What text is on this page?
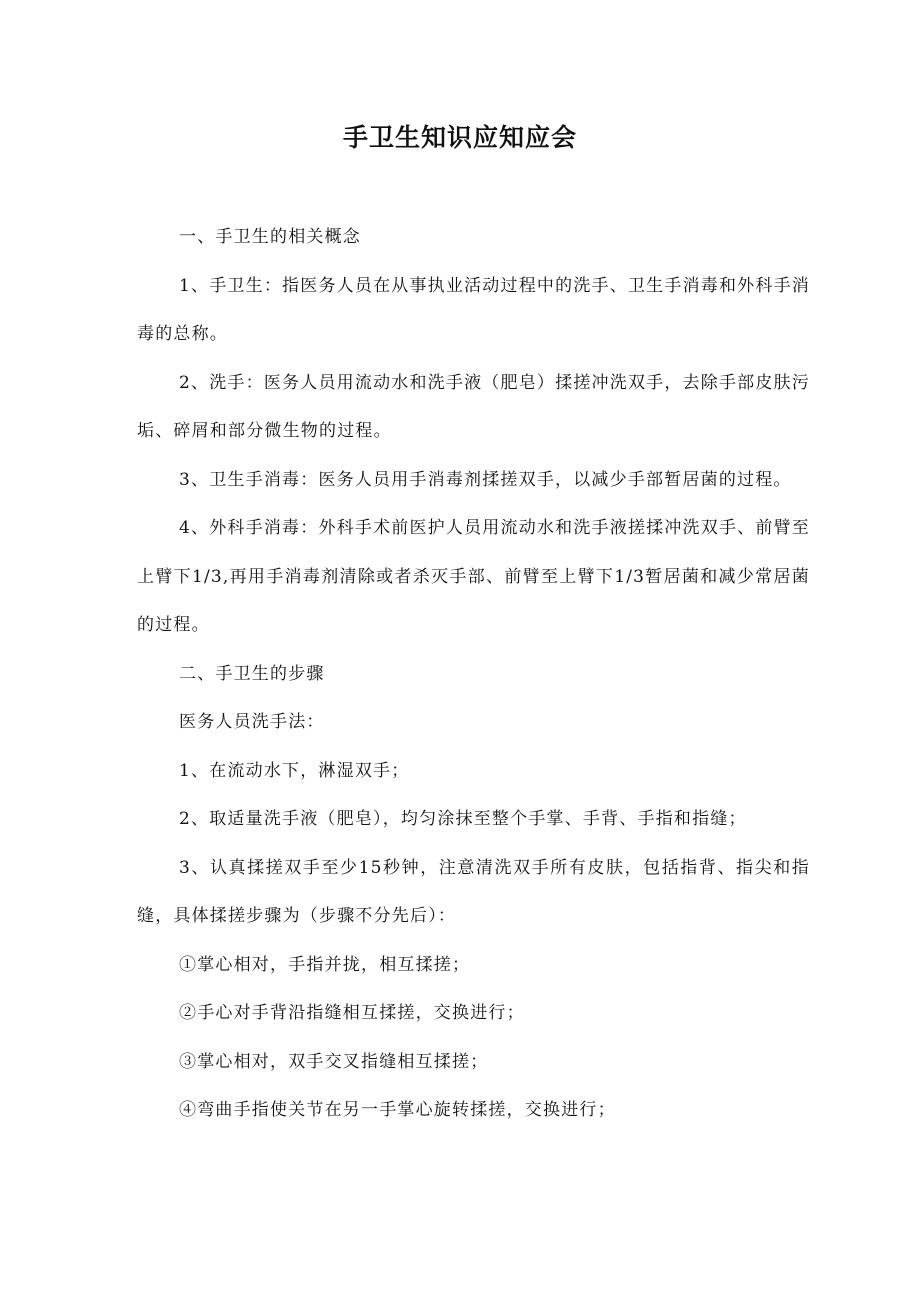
手卫生知识应知应会

一、手卫生的相关概念

1、手卫生：指医务人员在从事执业活动过程中的洗手、卫生手消毒和外科手消毒的总称。

2、洗手：医务人员用流动水和洗手液（肥皂）揉搓冲洗双手，去除手部皮肤污垢、碎屑和部分微生物的过程。

3、卫生手消毒：医务人员用手消毒剂揉搓双手，以减少手部暂居菌的过程。

4、外科手消毒：外科手术前医护人员用流动水和洗手液搓揉冲洗双手、前臂至上臂下1/3,再用手消毒剂清除或者杀灭手部、前臂至上臂下1/3暂居菌和减少常居菌的过程。

二、手卫生的步骤

医务人员洗手法：

1、在流动水下，淋湿双手；

2、取适量洗手液（肥皂），均匀涂抹至整个手掌、手背、手指和指缝；

3、认真揉搓双手至少15秒钟，注意清洗双手所有皮肤，包括指背、指尖和指缝，具体揉搓步骤为（步骤不分先后）：

①掌心相对，手指并拢，相互揉搓；

②手心对手背沿指缝相互揉搓，交换进行；

③掌心相对，双手交叉指缝相互揉搓；

④弯曲手指使关节在另一手掌心旋转揉搓，交换进行；
